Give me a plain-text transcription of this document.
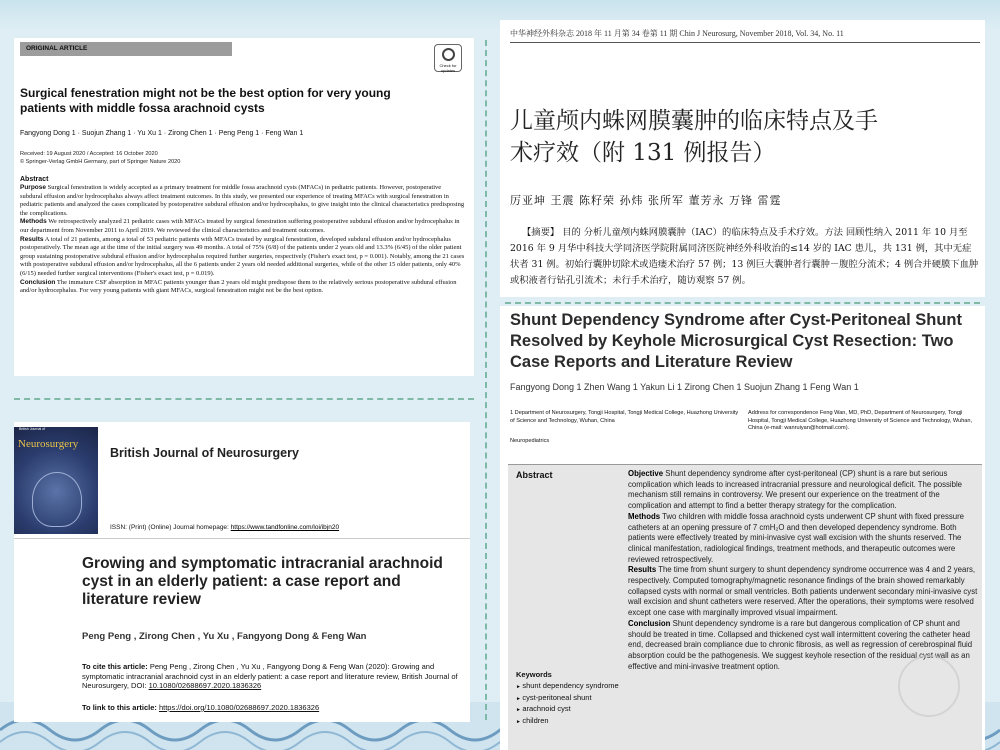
ORIGINAL ARTICLE
Check for updates
Surgical fenestration might not be the best option for very young patients with middle fossa arachnoid cysts
Fangyong Dong 1 · Suojun Zhang 1 · Yu Xu 1 · Zirong Chen 1 · Peng Peng 1 · Feng Wan 1
Received: 19 August 2020 / Accepted: 16 October 2020
© Springer-Verlag GmbH Germany, part of Springer Nature 2020
Abstract
Purpose Surgical fenestration is widely accepted as a primary treatment for middle fossa arachnoid cysts (MFACs) in pediatric patients. However, postoperative subdural effusion and/or hydrocephalus always affect treatment outcomes. In this study, we presented our experience of treating MFACs with surgical fenestration in pediatric patients and analyzed the cases complicated by postoperative subdural effusion and/or hydrocephalus, to give insight into the clinical characteristics predisposing the complications.
Methods We retrospectively analyzed 21 pediatric cases with MFACs treated by surgical fenestration suffering postoperative subdural effusion and/or hydrocephalus in our department from November 2011 to April 2019. We reviewed the clinical characteristics and treatment outcomes.
Results A total of 21 patients, among a total of 53 pediatric patients with MFACs treated by surgical fenestration, developed subdural effusion and/or hydrocephalus postoperatively. The mean age at the time of the initial surgery was 49 months. A total of 75% (6/8) of the patients under 2 years old and 13.3% (6/45) of the older patient group sustaining postoperative subdural effusion and/or hydrocephalus required further surgeries, respectively (Fisher's exact test, p = 0.001). Notably, among the 21 cases with postoperative subdural effusion and/or hydrocephalus, all the 6 patients under 2 years old needed additional surgeries, while of the other 15 older patients, only 40% (6/15) needed further surgical interventions (Fisher's exact test, p = 0.019).
Conclusion The immature CSF absorption in MFAC patients younger than 2 years old might predispose them to the relatively serious postoperative subdural effusion and/or hydrocephalus. For very young patients with giant MFACs, surgical fenestration might not be the best option.
British Journal of
Neurosurgery
British Journal of Neurosurgery
ISSN: (Print) (Online) Journal homepage: https://www.tandfonline.com/loi/ibjn20
Growing and symptomatic intracranial arachnoid cyst in an elderly patient: a case report and literature review
Peng Peng , Zirong Chen , Yu Xu , Fangyong Dong & Feng Wan
To cite this article: Peng Peng , Zirong Chen , Yu Xu , Fangyong Dong & Feng Wan (2020): Growing and symptomatic intracranial arachnoid cyst in an elderly patient: a case report and literature review, British Journal of Neurosurgery, DOI: 10.1080/02688697.2020.1836326
To link to this article: https://doi.org/10.1080/02688697.2020.1836326
中华神经外科杂志 2018 年 11 月第 34 卷第 11 期 Chin J Neurosurg, November 2018, Vol. 34, No. 11
儿童颅内蛛网膜囊肿的临床特点及手术疗效（附 131 例报告）
厉亚坤 王震 陈籽荣 孙炜 张所军 董芳永 万锋 雷霆
【摘要】 目的 分析儿童颅内蛛网膜囊肿（IAC）的临床特点及手术疗效。方法 回顾性纳入 2011 年 10 月至 2016 年 9 月华中科技大学同济医学院附属同济医院神经外科收治的≤14 岁的 IAC 患儿，共 131 例，其中无症状者 31 例。初始行囊肿切除术或造瘘术治疗 57 例；13 例巨大囊肿者行囊肿－腹腔分流术；4 例合并硬膜下血肿或积液者行钻孔引流术；未行手术治疗，随访观察 57 例。
Shunt Dependency Syndrome after Cyst-Peritoneal Shunt Resolved by Keyhole Microsurgical Cyst Resection: Two Case Reports and Literature Review
Fangyong Dong 1 Zhen Wang 1 Yakun Li 1 Zirong Chen 1 Suojun Zhang 1 Feng Wan 1
1 Department of Neurosurgery, Tongji Hospital, Tongji Medical College, Huazhong University of Science and Technology, Wuhan, China
Address for correspondence Feng Wan, MD, PhD, Department of Neurosurgery, Tongji Hospital, Tongji Medical College, Huazhong University of Science and Technology, Wuhan, China (e-mail: wanruiyan@hotmail.com).
Neuropediatrics
Abstract	Objective Shunt dependency syndrome after cyst-peritoneal (CP) shunt is a rare but serious complication which leads to increased intracranial pressure and neurological deficit. The possible mechanism still remains in controversy. We present our experience on the treatment of the complication and attempt to find a better therapy strategy for the complication.
Methods Two children with middle fossa arachnoid cysts underwent CP shunt with fixed pressure catheters at an opening pressure of 7 cmH₂O and then developed dependency syndrome. Both patients were effectively treated by mini-invasive cyst wall excision with the shunts reserved. The clinical manifestation, radiological findings, treatment methods, and therapeutic outcomes were reviewed retrospectively.
Results The time from shunt surgery to shunt dependency syndrome occurrence was 4 and 2 years, respectively. Computed tomography/magnetic resonance findings of the brain showed remarkably collapsed cysts with normal or small ventricles. Both patients underwent secondary mini-invasive cyst wall excision and shunt catheters were reserved. After the operations, their symptoms were resolved except one case with marginally improved visual impairment.
Conclusion Shunt dependency syndrome is a rare but dangerous complication of CP shunt and should be treated in time. Collapsed and thickened cyst wall intermittent covering the catheter head end, decreased brain compliance due to chronic fibrosis, as well as regression of cerebrospinal fluid absorption could be the pathogenesis. We suggest keyhole resection of the residual cyst wall as an effective and mini-invasive treatment option.
Keywords
► shunt dependency syndrome
► cyst-peritoneal shunt
► arachnoid cyst
► children
